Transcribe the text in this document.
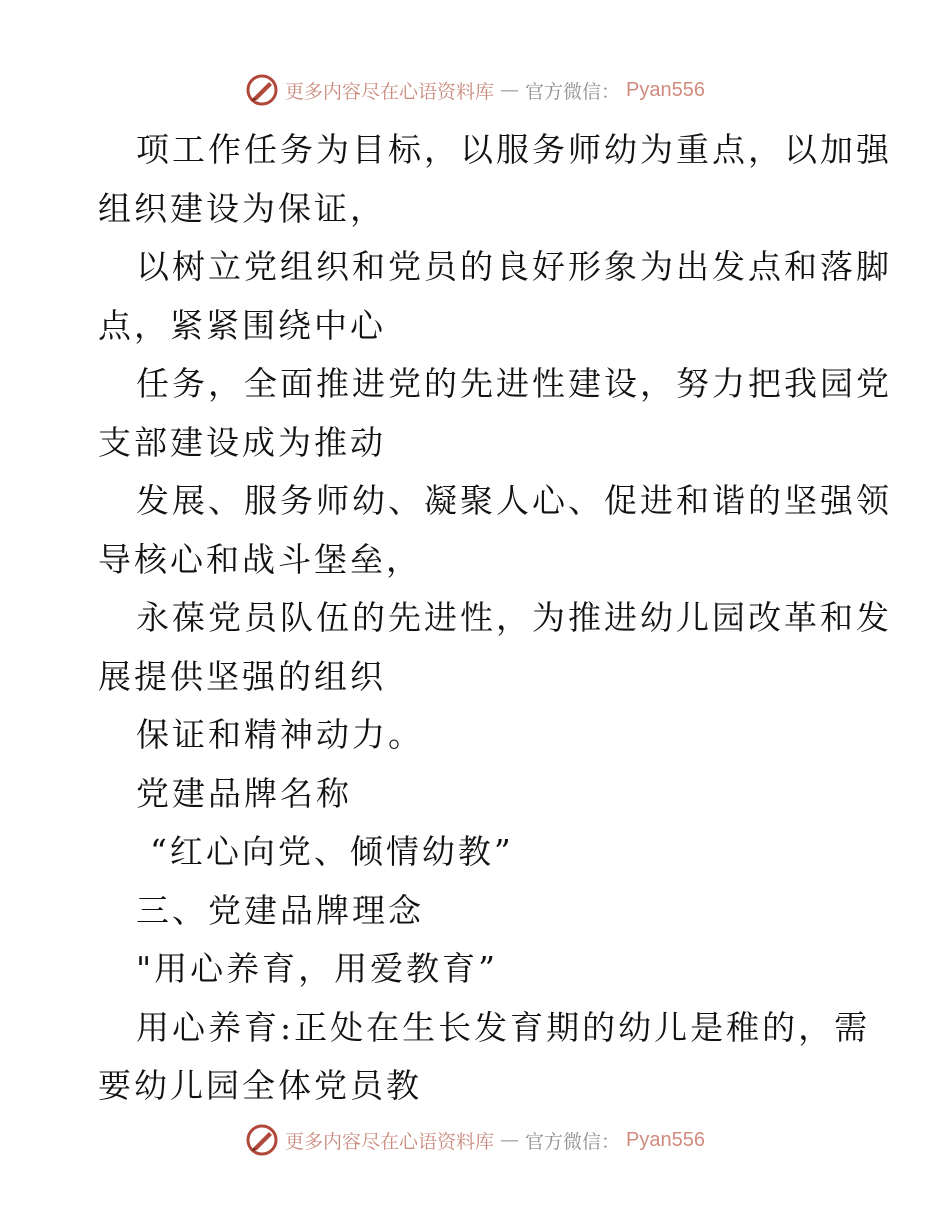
更多内容尽在心语资料库 — 官方微信： Pyan556
项工作任务为目标，以服务师幼为重点，以加强
组织建设为保证，
以树立党组织和党员的良好形象为出发点和落脚
点，紧紧围绕中心
任务，全面推进党的先进性建设，努力把我园党
支部建设成为推动
发展、服务师幼、凝聚人心、促进和谐的坚强领
导核心和战斗堡垒，
永葆党员队伍的先进性，为推进幼儿园改革和发
展提供坚强的组织
保证和精神动力。
党建品牌名称
“红心向党、倾情幼教”
三、党建品牌理念
"用心养育，用爱教育”
用心养育:正处在生长发育期的幼儿是稚的，需
要幼儿园全体党员教
更多内容尽在心语资料库 — 官方微信： Pyan556
